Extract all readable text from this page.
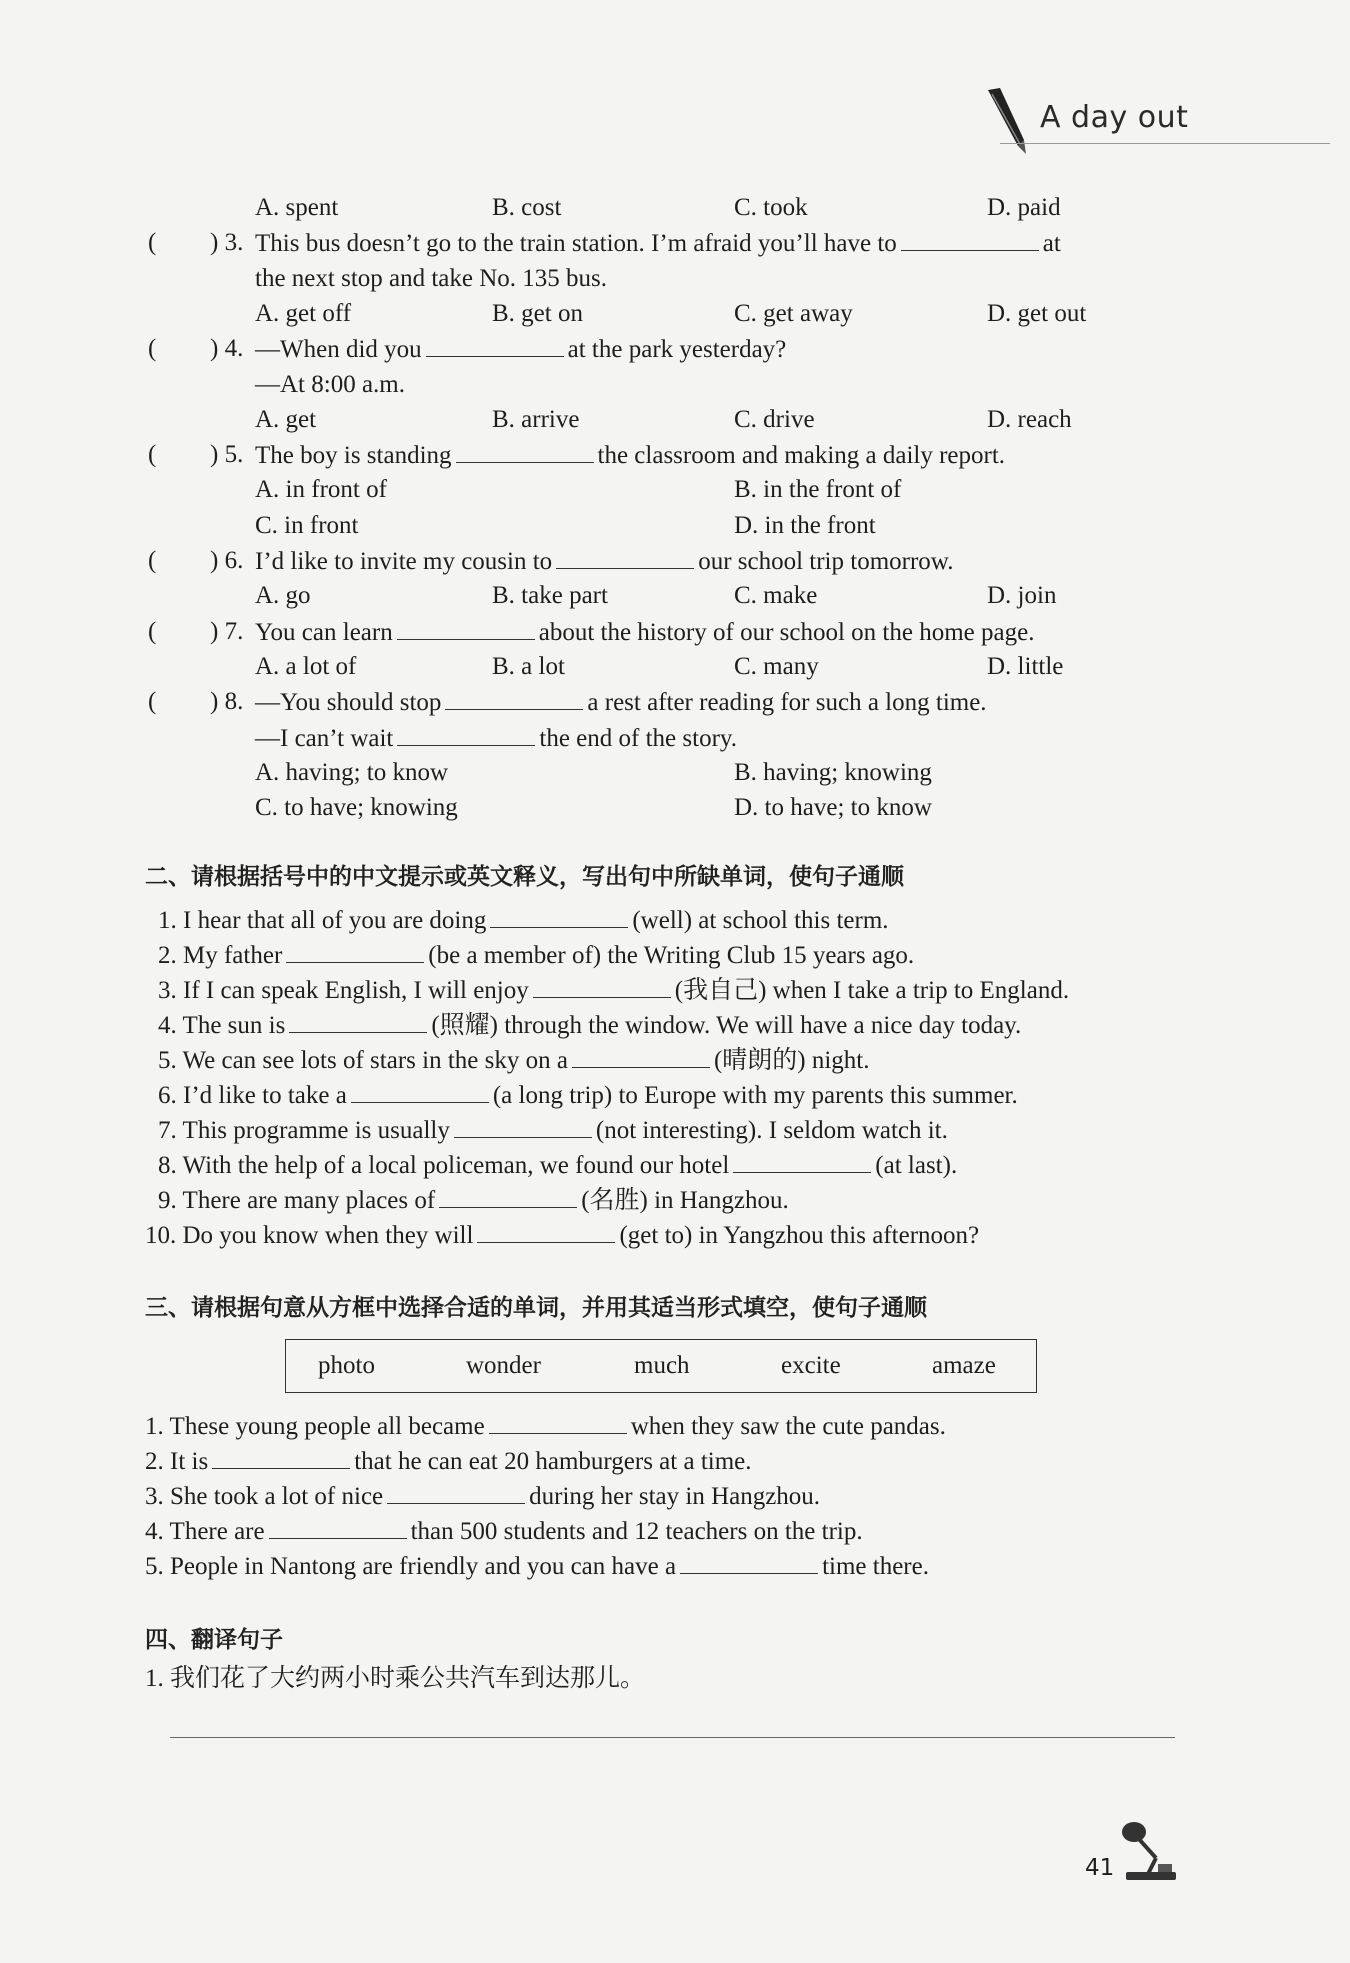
A day out
A. spent	B. cost	C. took	D. paid
( ) 3. This bus doesn’t go to the train station. I’m afraid you’ll have to	at
the next stop and take No. 135 bus.
A. get off	B. get on	C. get away	D. get out
( ) 4. —When did you	at the park yesterday?
—At 8:00 a.m.
A. get	B. arrive	C. drive	D. reach
( ) 5. The boy is standing	the classroom and making a daily report.
A. in front of	B. in the front of
C. in front	D. in the front
( ) 6. I’d like to invite my cousin to	our school trip tomorrow.
A. go	B. take part	C. make	D. join
( ) 7. You can learn	about the history of our school on the home page.
A. a lot of	B. a lot	C. many	D. little
( ) 8. —You should stop	a rest after reading for such a long time.
—I can’t wait	the end of the story.
A. having; to know	B. having; knowing
C. to have; knowing	D. to have; to know
二、请根据括号中的中文提示或英文释义，写出句中所缺单词，使句子通顺
1. I hear that all of you are doing	(well) at school this term.
2. My father	(be a member of) the Writing Club 15 years ago.
3. If I can speak English, I will enjoy	(我自己) when I take a trip to England.
4. The sun is	(照耀) through the window. We will have a nice day today.
5. We can see lots of stars in the sky on a	(晴朗的) night.
6. I’d like to take a	(a long trip) to Europe with my parents this summer.
7. This programme is usually	(not interesting). I seldom watch it.
8. With the help of a local policeman, we found our hotel	(at last).
9. There are many places of	(名胜) in Hangzhou.
10. Do you know when they will	(get to) in Yangzhou this afternoon?
三、请根据句意从方框中选择合适的单词，并用其适当形式填空，使句子通顺
photo	wonder	much	excite	amaze
1. These young people all became	when they saw the cute pandas.
2. It is	that he can eat 20 hamburgers at a time.
3. She took a lot of nice	during her stay in Hangzhou.
4. There are	than 500 students and 12 teachers on the trip.
5. People in Nantong are friendly and you can have a	time there.
四、翻译句子
1. 我们花了大约两小时乘公共汽车到达那儿。
41
